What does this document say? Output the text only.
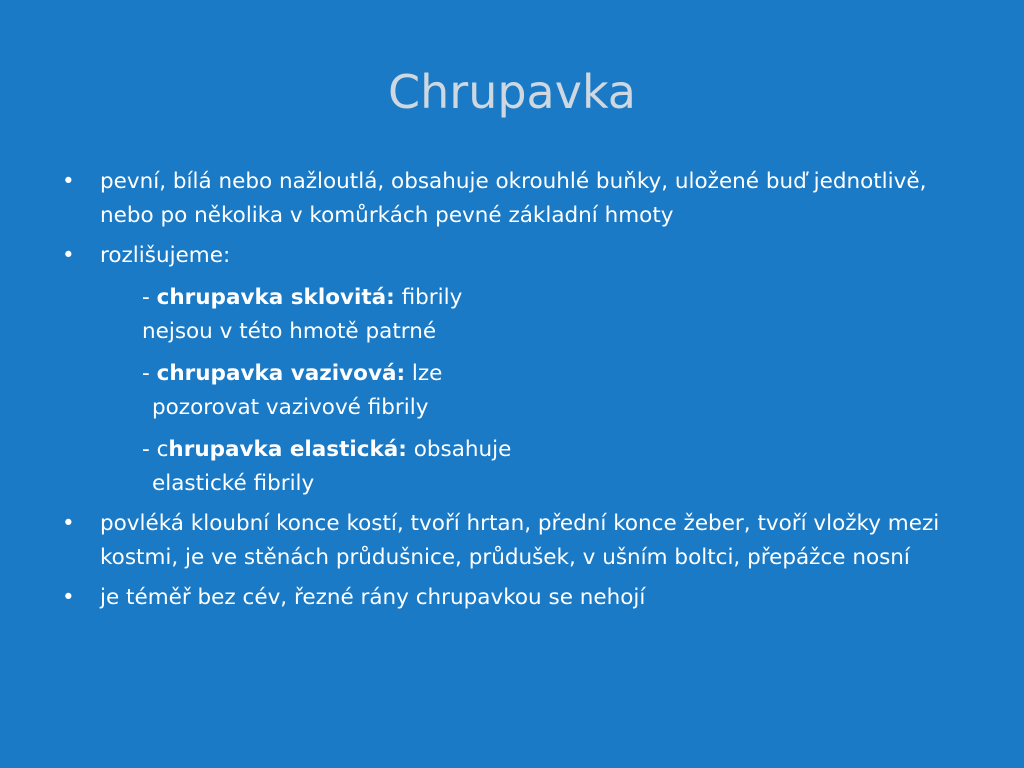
Chrupavka
•	pevní, bílá nebo nažloutlá, obsahuje okrouhlé buňky, uložené buď jednotlivě, nebo po několika v komůrkách pevné základní hmoty
•	rozlišujeme:
- chrupavka sklovitá: fibrily
nejsou v této hmotě patrné
- chrupavka vazivová: lze
pozorovat vazivové fibrily
- chrupavka elastická: obsahuje
elastické fibrily
•	povléká kloubní konce kostí, tvoří hrtan, přední konce žeber, tvoří vložky mezi kostmi, je ve stěnách průdušnice, průdušek, v ušním boltci, přepážce nosní
•	je téměř bez cév, řezné rány chrupavkou se nehojí
